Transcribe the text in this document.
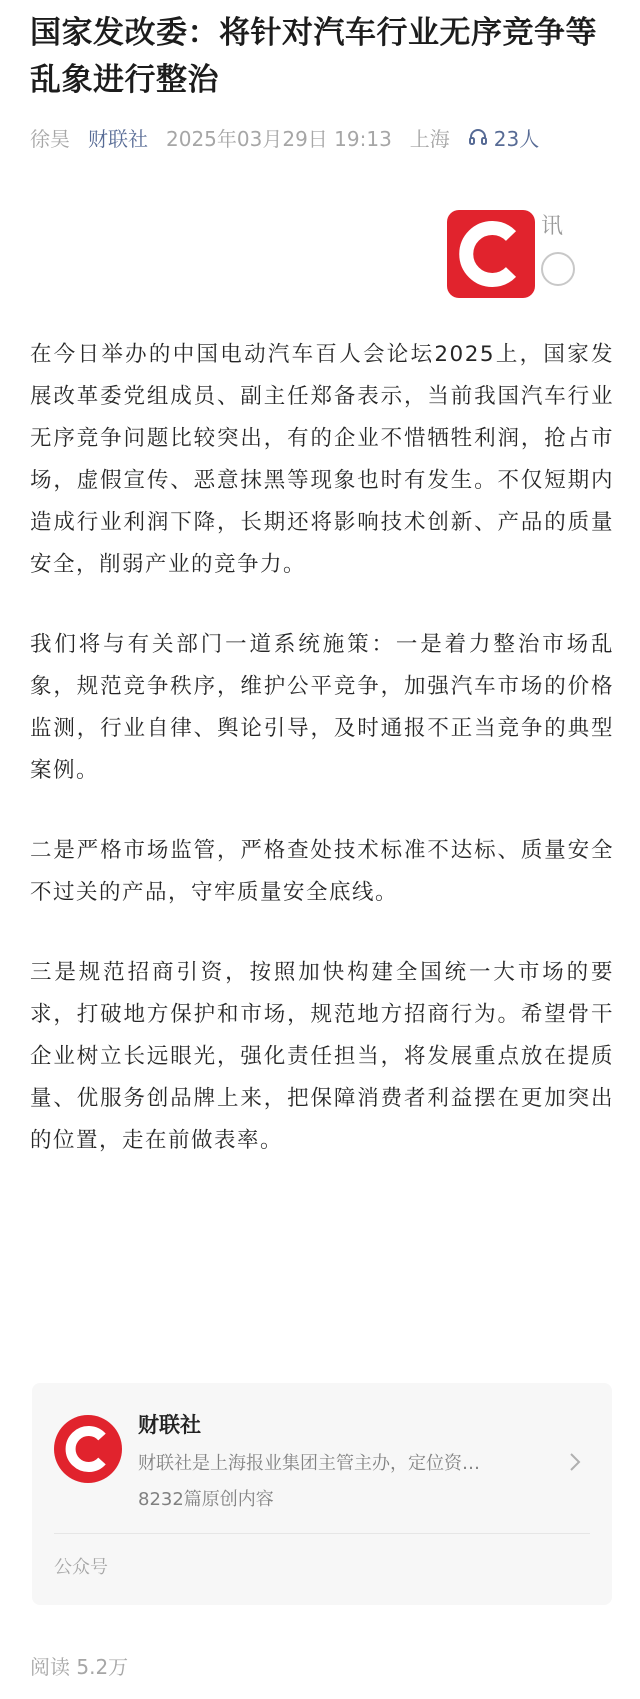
国家发改委：将针对汽车行业无序竞争等乱象进行整治
徐昊 财联社 2025年03月29日 19:13 上海 23人
讯

在今日举办的中国电动汽车百人会论坛2025上，国家发展改革委党组成员、副主任郑备表示，当前我国汽车行业无序竞争问题比较突出，有的企业不惜牺牲利润，抢占市场，虚假宣传、恶意抹黑等现象也时有发生。不仅短期内造成行业利润下降，长期还将影响技术创新、产品的质量安全，削弱产业的竞争力。

我们将与有关部门一道系统施策：一是着力整治市场乱象，规范竞争秩序，维护公平竞争，加强汽车市场的价格监测，行业自律、舆论引导，及时通报不正当竞争的典型案例。

二是严格市场监管，严格查处技术标准不达标、质量安全不过关的产品，守牢质量安全底线。

三是规范招商引资，按照加快构建全国统一大市场的要求，打破地方保护和市场，规范地方招商行为。希望骨干企业树立长远眼光，强化责任担当，将发展重点放在提质量、优服务创品牌上来，把保障消费者利益摆在更加突出的位置，走在前做表率。

财联社
财联社是上海报业集团主管主办，定位资…
8232篇原创内容
公众号
阅读 5.2万
